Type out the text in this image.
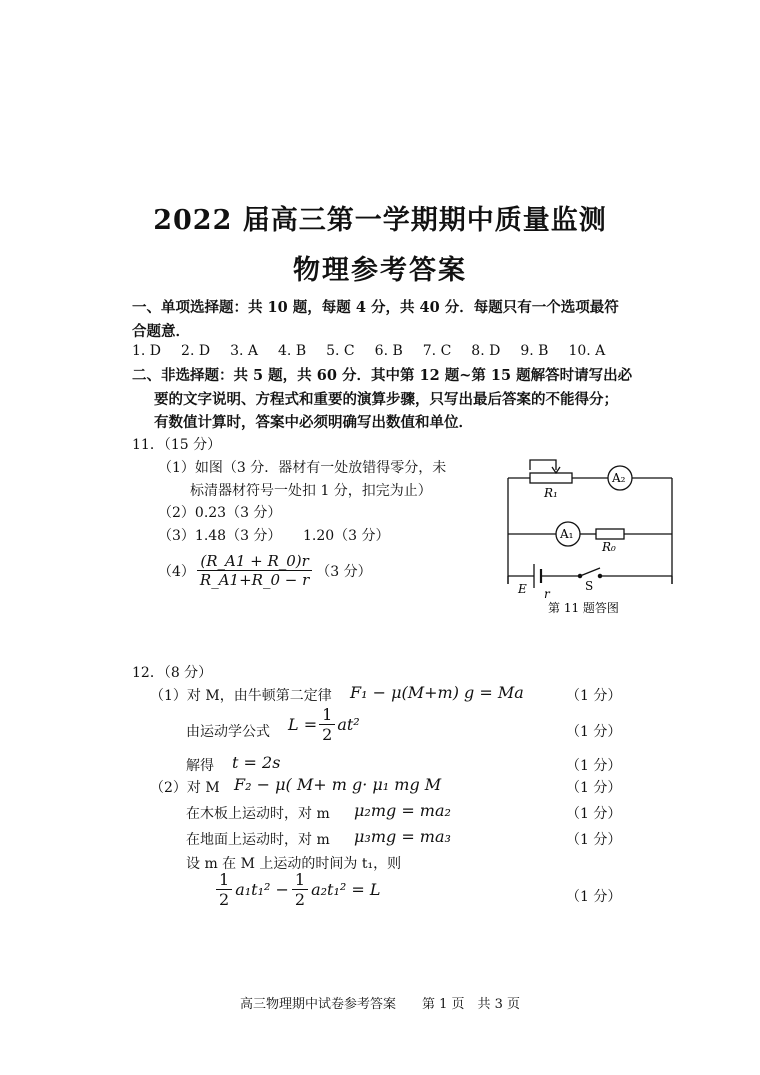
2022 届高三第一学期期中质量监测
物理参考答案
一、单项选择题：共 10 题，每题 4 分，共 40 分．每题只有一个选项最符
合题意．
1. D 2. D 3. A 4. B 5. C 6. B 7. C 8. D 9. B 10. A
二、非选择题：共 5 题，共 60 分．其中第 12 题~第 15 题解答时请写出必
要的文字说明、方程式和重要的演算步骤，只写出最后答案的不能得分；
有数值计算时，答案中必须明确写出数值和单位．
11．（15 分）
（1）如图（3 分．器材有一处放错得零分，未
标清器材符号一处扣 1 分，扣完为止）
（2）0.23（3 分）
（3）1.48（3 分） 1.20（3 分）
$(4) \frac{(R\_A1 + R\_0)r}{R\_A1+R\_0 - r} (3$ 分）
R₁
A₂
A₁
R₀
E r
S
第 11 题答图
12．（8 分）
（1）对 M，由牛顿第二定律 F₁ − μ(M+m) g = Ma	（1 分）
由运动学公式 $L = \frac{1}{2} at^2$	（1 分）
解得 t = 2s	（1 分）
（2）对 M F₂ − μ( M+ m g· μ₁ mg M	（1 分）
在木板上运动时，对 m μ₂mg = ma₂	（1 分）
在地面上运动时，对 m μ₃mg = ma₃	（1 分）
设 m 在 M 上运动的时间为 t₁，则
$\frac{1}{2} a_1t_1^2 - \frac{1}{2} a_2t_1^2 = L$	（1 分）
高三物理期中试卷参考答案　　第 1 页　共 3 页
